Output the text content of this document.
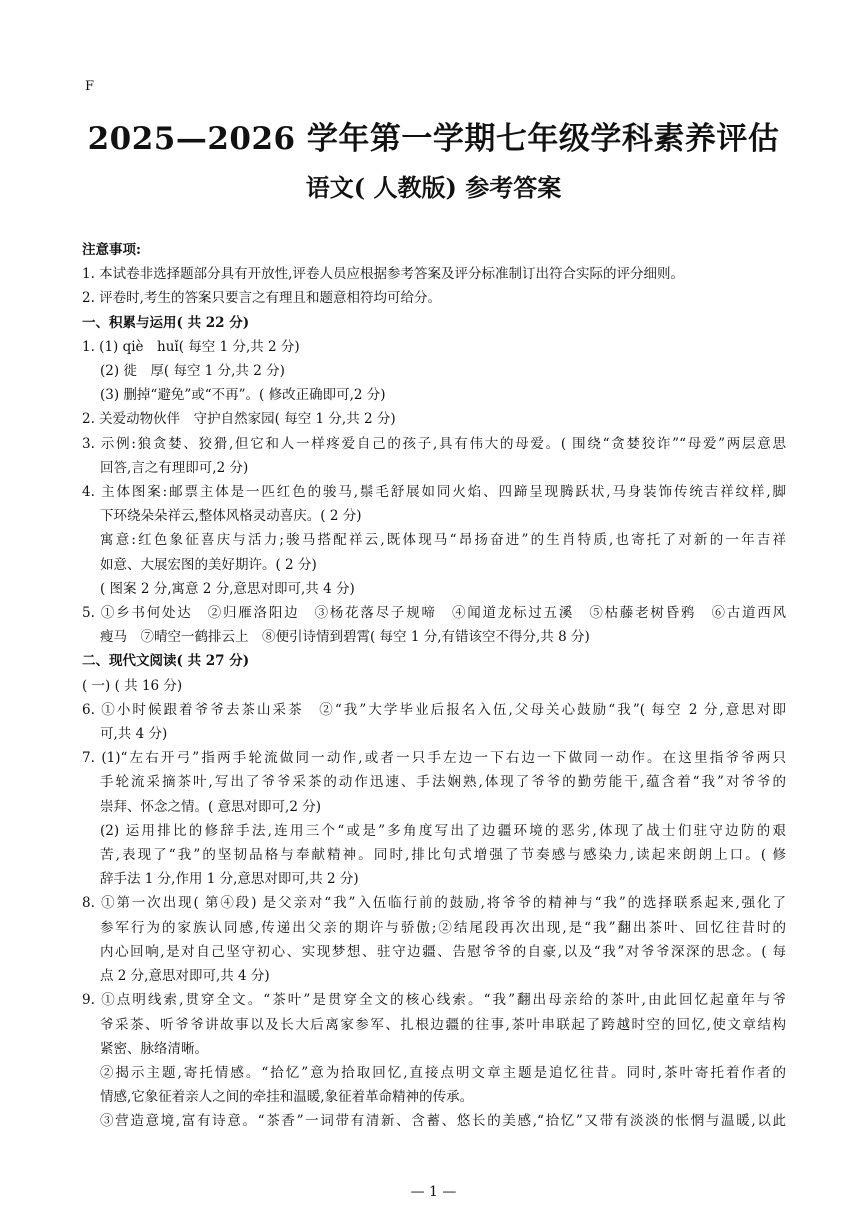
F
2025—2026 学年第一学期七年级学科素养评估
语文( 人教版) 参考答案
注意事项:
1. 本试卷非选择题部分具有开放性,评卷人员应根据参考答案及评分标准制订出符合实际的评分细则。
2. 评卷时,考生的答案只要言之有理且和题意相符均可给分。
一、积累与运用( 共 22 分)
1. (1) qiè　huǐ( 每空 1 分,共 2 分)
(2) 徙　厚( 每空 1 分,共 2 分)
(3) 删掉“避免”或“不再”。( 修改正确即可,2 分)
2. 关爱动物伙伴　守护自然家园( 每空 1 分,共 2 分)
3. 示例:狼贪婪、狡猾,但它和人一样疼爱自己的孩子,具有伟大的母爱。( 围绕“贪婪狡诈”“母爱”两层意思
回答,言之有理即可,2 分)
4. 主体图案:邮票主体是一匹红色的骏马,鬃毛舒展如同火焰、四蹄呈现腾跃状,马身装饰传统吉祥纹样,脚
下环绕朵朵祥云,整体风格灵动喜庆。( 2 分)
寓意:红色象征喜庆与活力;骏马搭配祥云,既体现马“昂扬奋进”的生肖特质,也寄托了对新的一年吉祥
如意、大展宏图的美好期许。( 2 分)
( 图案 2 分,寓意 2 分,意思对即可,共 4 分)
5. ①乡书何处达　②归雁洛阳边　③杨花落尽子规啼　④闻道龙标过五溪　⑤枯藤老树昏鸦　⑥古道西风
瘦马　⑦晴空一鹤排云上　⑧便引诗情到碧霄( 每空 1 分,有错该空不得分,共 8 分)
二、现代文阅读( 共 27 分)
( 一) ( 共 16 分)
6. ①小时候跟着爷爷去茶山采茶　②“我”大学毕业后报名入伍,父母关心鼓励“我”( 每空 2 分,意思对即
可,共 4 分)
7. (1)“左右开弓”指两手轮流做同一动作,或者一只手左边一下右边一下做同一动作。在这里指爷爷两只
手轮流采摘茶叶,写出了爷爷采茶的动作迅速、手法娴熟,体现了爷爷的勤劳能干,蕴含着“我”对爷爷的
崇拜、怀念之情。( 意思对即可,2 分)
(2) 运用排比的修辞手法,连用三个“或是”多角度写出了边疆环境的恶劣,体现了战士们驻守边防的艰
苦,表现了“我”的坚韧品格与奉献精神。同时,排比句式增强了节奏感与感染力,读起来朗朗上口。( 修
辞手法 1 分,作用 1 分,意思对即可,共 2 分)
8. ①第一次出现( 第④段) 是父亲对“我”入伍临行前的鼓励,将爷爷的精神与“我”的选择联系起来,强化了
参军行为的家族认同感,传递出父亲的期许与骄傲;②结尾段再次出现,是“我”翻出茶叶、回忆往昔时的
内心回响,是对自己坚守初心、实现梦想、驻守边疆、告慰爷爷的自豪,以及“我”对爷爷深深的思念。( 每
点 2 分,意思对即可,共 4 分)
9. ①点明线索,贯穿全文。“茶叶”是贯穿全文的核心线索。“我”翻出母亲给的茶叶,由此回忆起童年与爷
爷采茶、听爷爷讲故事以及长大后离家参军、扎根边疆的往事,茶叶串联起了跨越时空的回忆,使文章结构
紧密、脉络清晰。
②揭示主题,寄托情感。“拾忆”意为拾取回忆,直接点明文章主题是追忆往昔。同时,茶叶寄托着作者的
情感,它象征着亲人之间的牵挂和温暖,象征着革命精神的传承。
③营造意境,富有诗意。“茶香”一词带有清新、含蓄、悠长的美感,“拾忆”又带有淡淡的怅惘与温暖,以此
— 1 —
